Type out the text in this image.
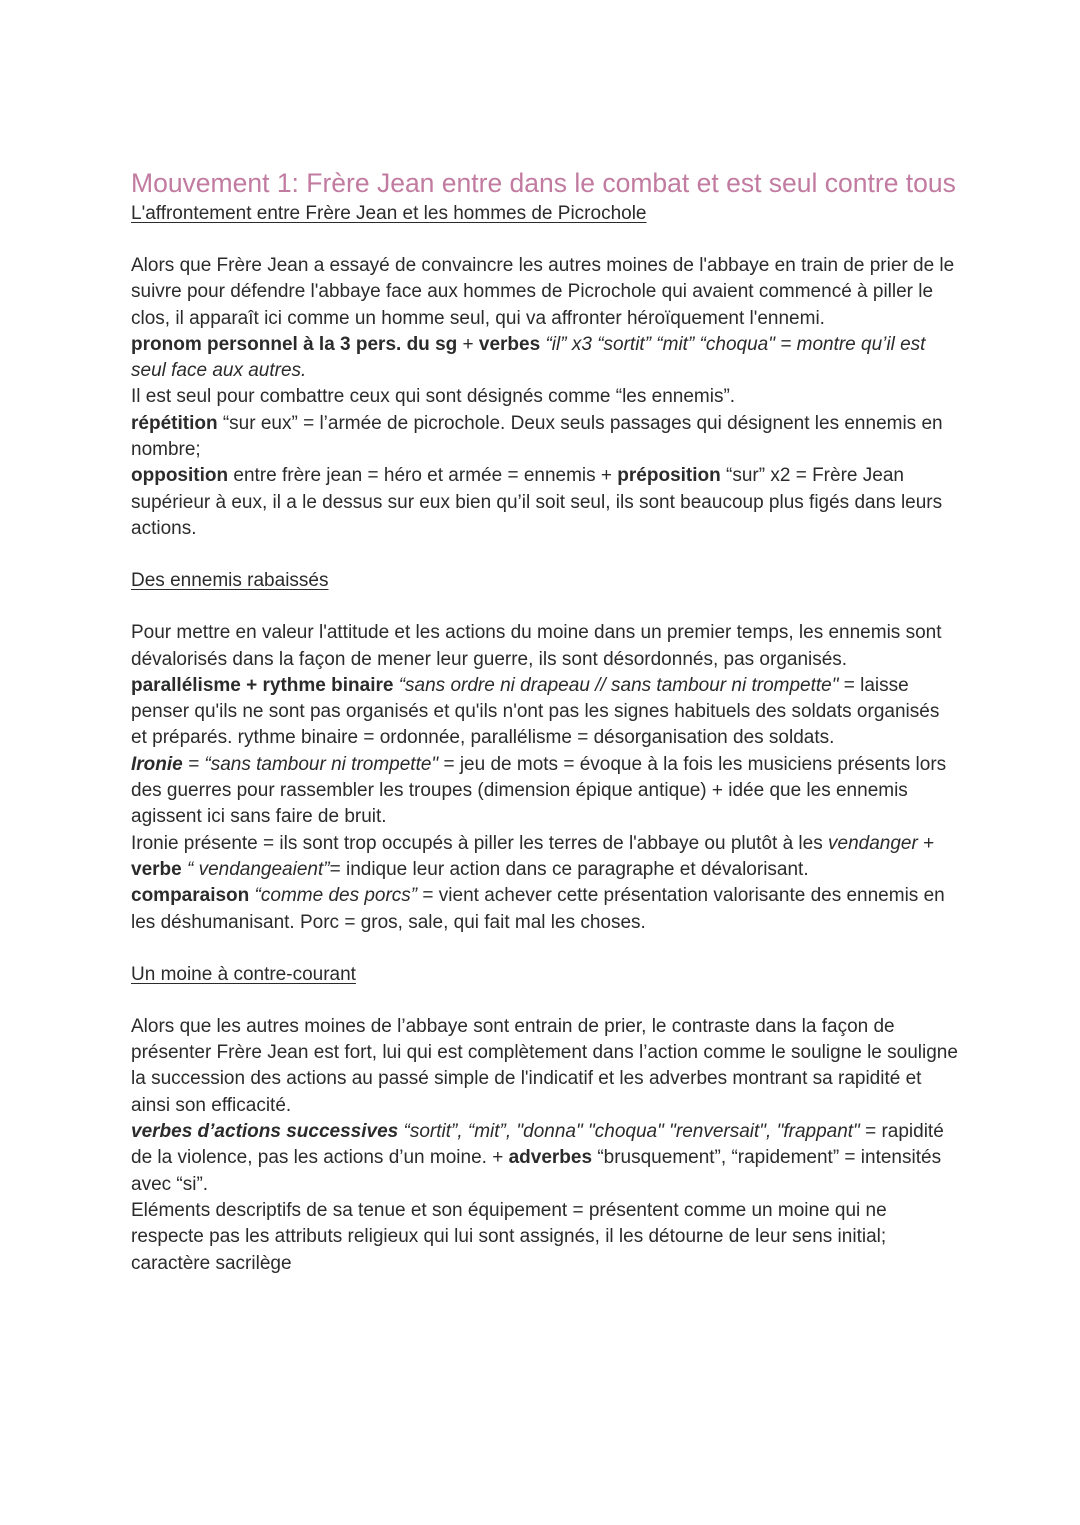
Mouvement 1: Frère Jean entre dans le combat et est seul contre tous

L'affrontement entre Frère Jean et les hommes de Picrochole

Alors que Frère Jean a essayé de convaincre les autres moines de l'abbaye en train de prier de le suivre pour défendre l'abbaye face aux hommes de Picrochole qui avaient commencé à piller le clos, il apparaît ici comme un homme seul, qui va affronter héroïquement l'ennemi.

pronom personnel à la 3 pers. du sg + verbes “il” x3 “sortit” “mit” “choqua" = montre qu’il est seul face aux autres.

Il est seul pour combattre ceux qui sont désignés comme “les ennemis”.

répétition “sur eux” = l’armée de picrochole. Deux seuls passages qui désignent les ennemis en nombre;

opposition entre frère jean = héro et armée = ennemis + préposition “sur” x2 = Frère Jean supérieur à eux, il a le dessus sur eux bien qu’il soit seul, ils sont beaucoup plus figés dans leurs actions.

Des ennemis rabaissés

Pour mettre en valeur l'attitude et les actions du moine dans un premier temps, les ennemis sont dévalorisés dans la façon de mener leur guerre, ils sont désordonnés, pas organisés.

parallélisme + rythme binaire “sans ordre ni drapeau // sans tambour ni trompette" = laisse penser qu'ils ne sont pas organisés et qu'ils n'ont pas les signes habituels des soldats organisés et préparés. rythme binaire = ordonnée, parallélisme = désorganisation des soldats.

Ironie = “sans tambour ni trompette" = jeu de mots = évoque à la fois les musiciens présents lors des guerres pour rassembler les troupes (dimension épique antique) + idée que les ennemis agissent ici sans faire de bruit.

Ironie présente = ils sont trop occupés à piller les terres de l'abbaye ou plutôt à les vendanger + verbe “ vendangeaient”= indique leur action dans ce paragraphe et dévalorisant.

comparaison “comme des porcs” = vient achever cette présentation valorisante des ennemis en les déshumanisant. Porc = gros, sale, qui fait mal les choses.

Un moine à contre-courant

Alors que les autres moines de l’abbaye sont entrain de prier, le contraste dans la façon de présenter Frère Jean est fort, lui qui est complètement dans l’action comme le souligne le souligne la succession des actions au passé simple de l'indicatif et les adverbes montrant sa rapidité et ainsi son efficacité.

verbes d’actions successives “sortit”, “mit”, "donna" "choqua" "renversait", "frappant" = rapidité de la violence, pas les actions d’un moine. + adverbes “brusquement”, “rapidement” = intensités avec “si”.

Eléments descriptifs de sa tenue et son équipement = présentent comme un moine qui ne respecte pas les attributs religieux qui lui sont assignés, il les détourne de leur sens initial; caractère sacrilège
